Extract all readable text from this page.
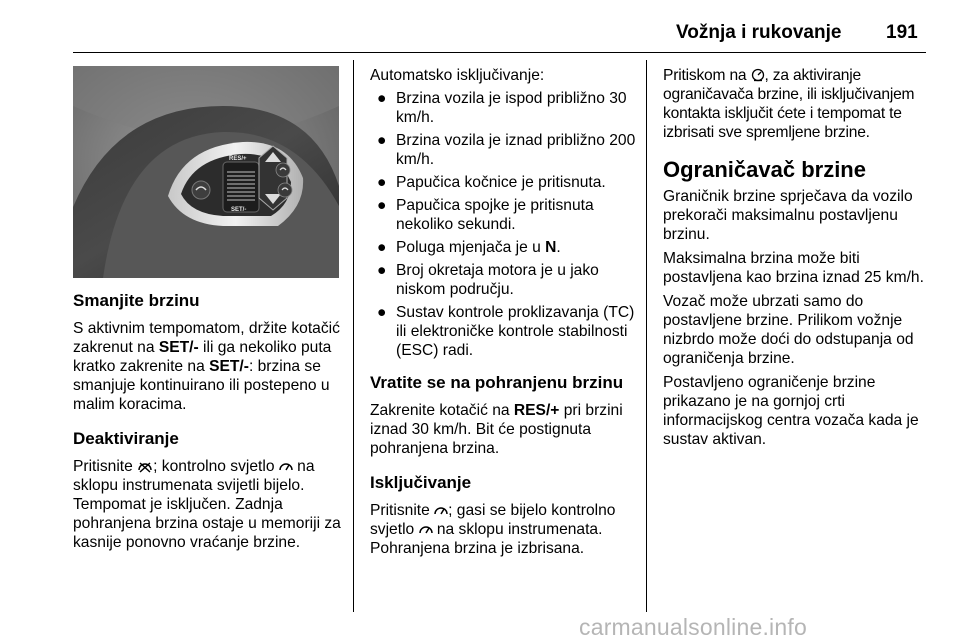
Vožnja i rukovanje 191
RES/+
SET/-
Smanjite brzinu

S aktivnim tempomatom, držite kotačić zakrenut na SET/- ili ga nekoliko puta kratko zakrenite na SET/-: brzina se smanjuje kontinuirano ili postepeno u malim koracima.

Deaktiviranje

Pritisnite ; kontrolno svjetlo  na sklopu instrumenata svijetli bijelo. Tempomat je isključen. Zadnja pohranjena brzina ostaje u memoriji za kasnije ponovno vraćanje brzine.

Automatsko isključivanje:

● Brzina vozila je ispod približno 30 km/h.
● Brzina vozila je iznad približno 200 km/h.
● Papučica kočnice je pritisnuta.
● Papučica spojke je pritisnuta nekoliko sekundi.
● Poluga mjenjača je u N.
● Broj okretaja motora je u jako niskom području.
● Sustav kontrole proklizavanja (TC) ili elektroničke kontrole stabilnosti (ESC) radi.
Vratite se na pohranjenu brzinu

Zakrenite kotačić na RES/+ pri brzini iznad 30 km/h. Bit će postignuta pohranjena brzina.

Isključivanje

Pritisnite ; gasi se bijelo kontrolno svjetlo  na sklopu instrumenata. Pohranjena brzina je izbrisana.

Pritiskom na , za aktiviranje ograničavača brzine, ili isključivanjem kontakta isključit ćete i tempomat te izbrisati sve spremljene brzine.

Ograničavač brzine

Graničnik brzine sprječava da vozilo prekorači maksimalnu postavljenu brzinu.

Maksimalna brzina može biti postavljena kao brzina iznad 25 km/h.

Vozač može ubrzati samo do postavljene brzine. Prilikom vožnje nizbrdo može doći do odstupanja od ograničenja brzine.

Postavljeno ograničenje brzine prikazano je na gornjoj crti informacijskog centra vozača kada je sustav aktivan.

carmanualsonline.info
